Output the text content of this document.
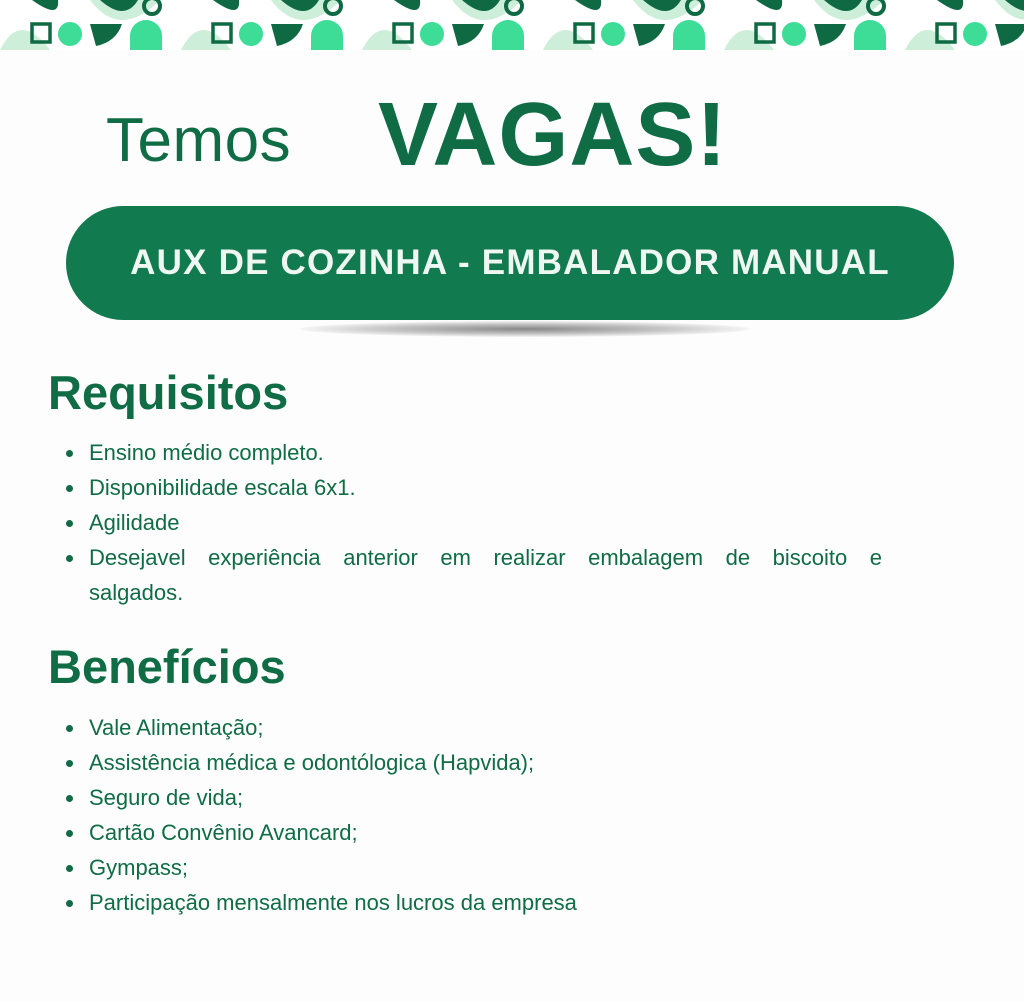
Temos VAGAS!
AUX DE COZINHA - EMBALADOR MANUAL
Requisitos
Ensino médio completo.
Disponibilidade escala 6x1.
Agilidade
Desejavel experiência anterior em realizar embalagem de biscoito e salgados.
Benefícios
Vale Alimentação;
Assistência médica e odontólogica (Hapvida);
Seguro de vida;
Cartão Convênio Avancard;
Gympass;
Participação mensalmente nos lucros da empresa
